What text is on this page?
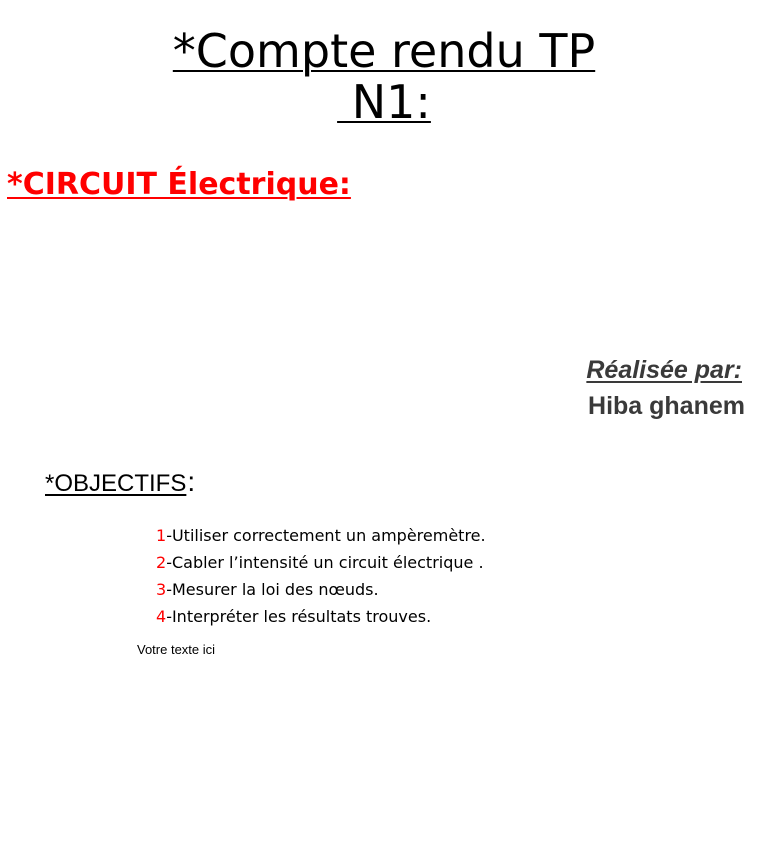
*Compte rendu TP
N1:
*CIRCUIT Électrique:
Réalisée par:
Hiba ghanem
*OBJECTIFS:
1-Utiliser correctement un ampèremètre.
2-Cabler l’intensité un circuit électrique .
3-Mesurer la loi des nœuds.
4-Interpréter les résultats trouves.
Votre texte ici
